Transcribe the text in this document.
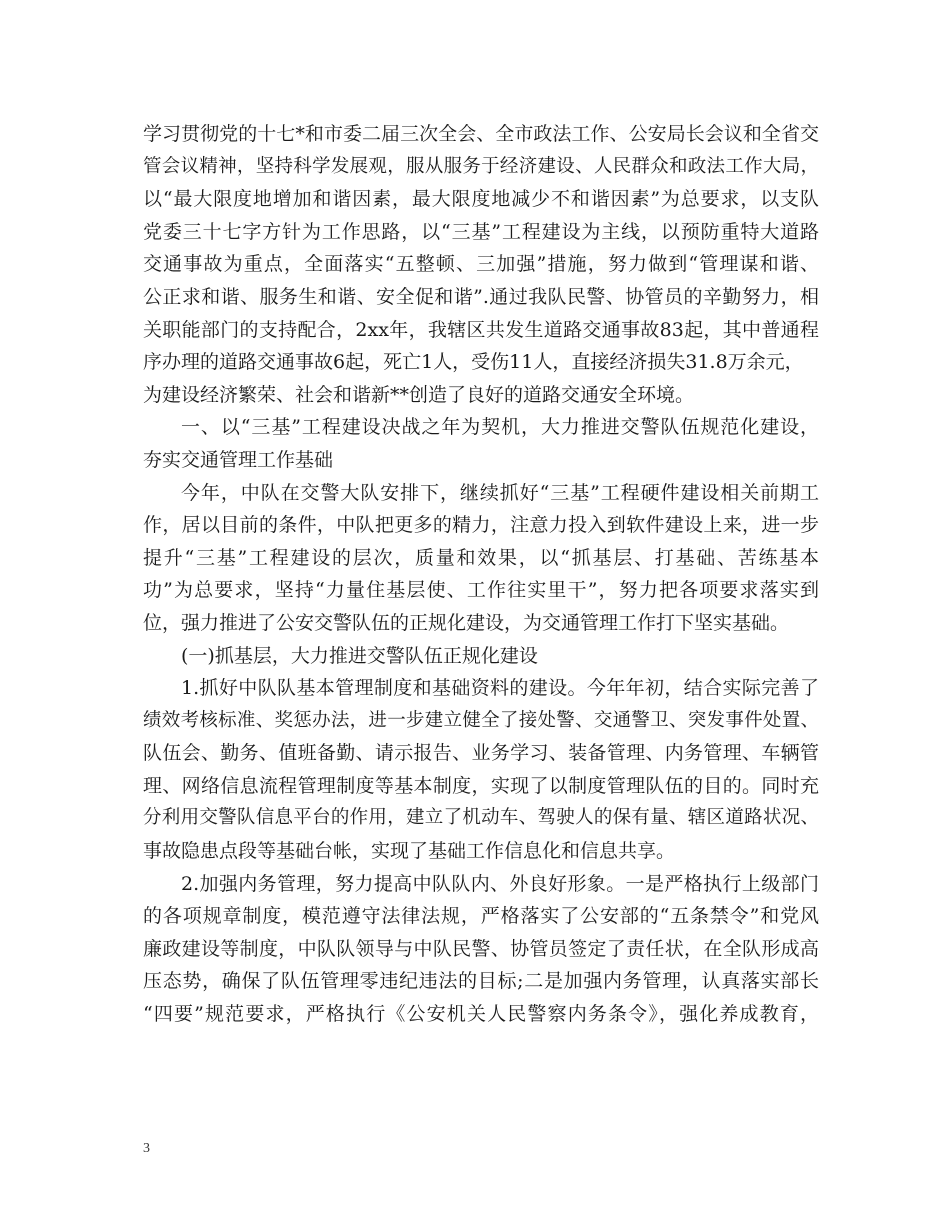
学习贯彻党的十七*和市委二届三次全会、全市政法工作、公安局长会议和全省交
管会议精神，坚持科学发展观，服从服务于经济建设、人民群众和政法工作大局，
以“最大限度地增加和谐因素，最大限度地减少不和谐因素”为总要求，以支队
党委三十七字方针为工作思路，以“三基”工程建设为主线，以预防重特大道路
交通事故为重点，全面落实“五整顿、三加强”措施，努力做到“管理谋和谐、
公正求和谐、服务生和谐、安全促和谐”.通过我队民警、协管员的辛勤努力，相
关职能部门的支持配合，2xx年，我辖区共发生道路交通事故83起，其中普通程
序办理的道路交通事故6起，死亡1人，受伤11人，直接经济损失31.8万余元，
为建设经济繁荣、社会和谐新**创造了良好的道路交通安全环境。
一、以“三基”工程建设决战之年为契机，大力推进交警队伍规范化建设，
夯实交通管理工作基础
今年，中队在交警大队安排下，继续抓好“三基”工程硬件建设相关前期工
作，居以目前的条件，中队把更多的精力，注意力投入到软件建设上来，进一步
提升“三基”工程建设的层次，质量和效果，以“抓基层、打基础、苦练基本
功”为总要求，坚持“力量住基层使、工作往实里干”，努力把各项要求落实到
位，强力推进了公安交警队伍的正规化建设，为交通管理工作打下坚实基础。
(一)抓基层，大力推进交警队伍正规化建设
1.抓好中队队基本管理制度和基础资料的建设。今年年初，结合实际完善了
绩效考核标准、奖惩办法，进一步建立健全了接处警、交通警卫、突发事件处置、
队伍会、勤务、值班备勤、请示报告、业务学习、装备管理、内务管理、车辆管
理、网络信息流程管理制度等基本制度，实现了以制度管理队伍的目的。同时充
分利用交警队信息平台的作用，建立了机动车、驾驶人的保有量、辖区道路状况、
事故隐患点段等基础台帐，实现了基础工作信息化和信息共享。
2.加强内务管理，努力提高中队队内、外良好形象。一是严格执行上级部门
的各项规章制度，模范遵守法律法规，严格落实了公安部的“五条禁令”和党风
廉政建设等制度，中队队领导与中队民警、协管员签定了责任状，在全队形成高
压态势，确保了队伍管理零违纪违法的目标;二是加强内务管理，认真落实部长
“四要”规范要求，严格执行《公安机关人民警察内务条令》，强化养成教育，
3
